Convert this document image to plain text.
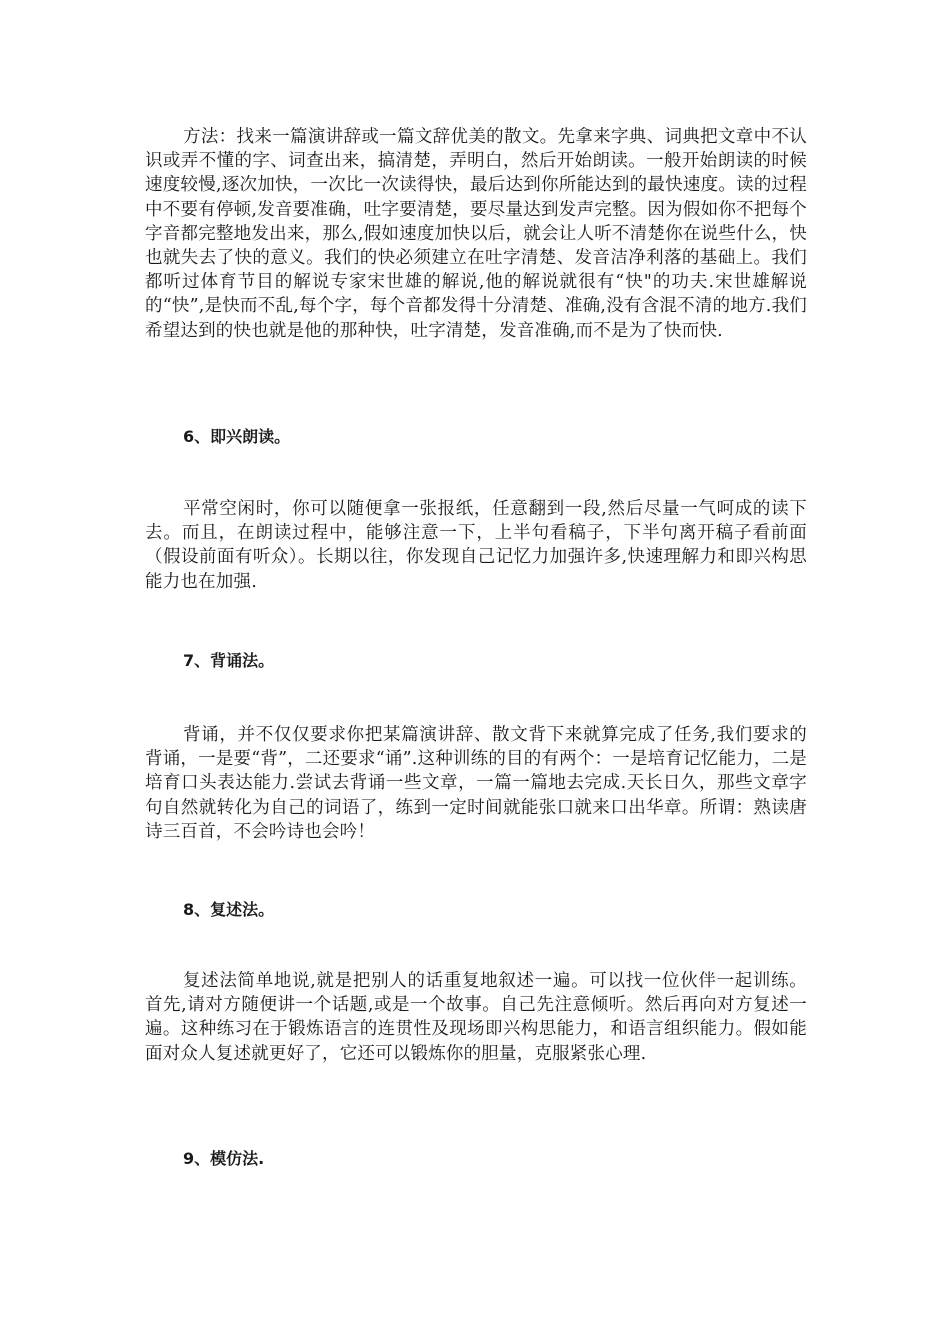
方法：找来一篇演讲辞或一篇文辞优美的散文。先拿来字典、词典把文章中不认识或弄不懂的字、词查出来，搞清楚，弄明白，然后开始朗读。一般开始朗读的时候速度较慢,逐次加快，一次比一次读得快，最后达到你所能达到的最快速度。读的过程中不要有停顿,发音要准确，吐字要清楚，要尽量达到发声完整。因为假如你不把每个字音都完整地发出来，那么,假如速度加快以后，就会让人听不清楚你在说些什么，快也就失去了快的意义。我们的快必须建立在吐字清楚、发音洁净利落的基础上。我们都听过体育节目的解说专家宋世雄的解说,他的解说就很有“快"的功夫.宋世雄解说的“快”,是快而不乱,每个字，每个音都发得十分清楚、准确,没有含混不清的地方.我们希望达到的快也就是他的那种快，吐字清楚，发音准确,而不是为了快而快.

6、即兴朗读。

平常空闲时，你可以随便拿一张报纸，任意翻到一段,然后尽量一气呵成的读下去。而且，在朗读过程中，能够注意一下，上半句看稿子，下半句离开稿子看前面（假设前面有听众）。长期以往，你发现自己记忆力加强许多,快速理解力和即兴构思能力也在加强.

7、背诵法。

背诵，并不仅仅要求你把某篇演讲辞、散文背下来就算完成了任务,我们要求的背诵，一是要“背”，二还要求“诵”.这种训练的目的有两个：一是培育记忆能力，二是培育口头表达能力.尝试去背诵一些文章，一篇一篇地去完成.天长日久，那些文章字句自然就转化为自己的词语了，练到一定时间就能张口就来口出华章。所谓：熟读唐诗三百首，不会吟诗也会吟！

8、复述法。

复述法简单地说,就是把别人的话重复地叙述一遍。可以找一位伙伴一起训练。首先,请对方随便讲一个话题,或是一个故事。自己先注意倾听。然后再向对方复述一遍。这种练习在于锻炼语言的连贯性及现场即兴构思能力，和语言组织能力。假如能面对众人复述就更好了，它还可以锻炼你的胆量，克服紧张心理.

9、模仿法.
